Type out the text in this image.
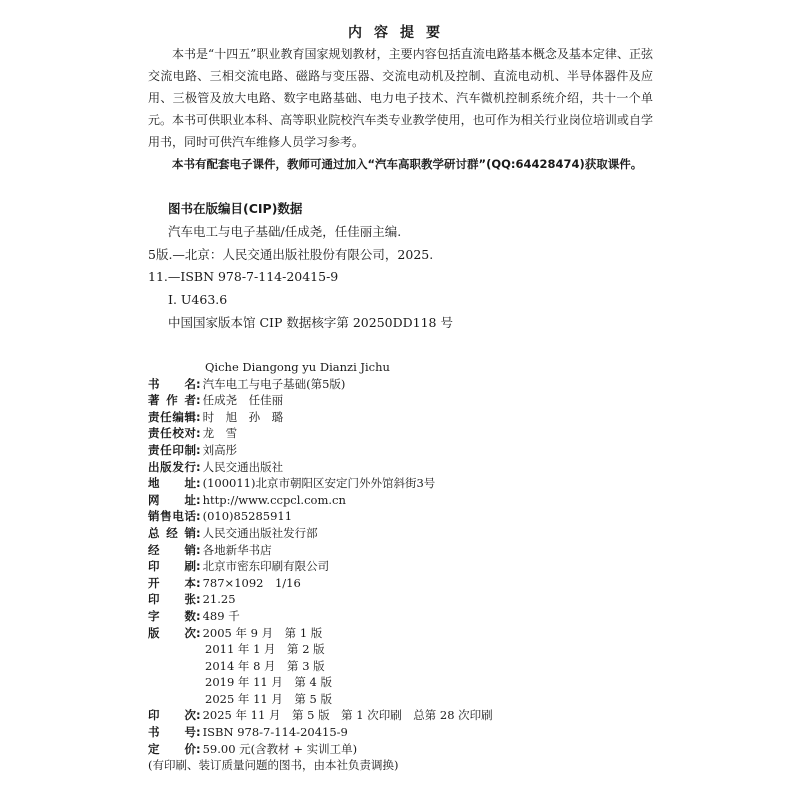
内容提要
本书是“十四五”职业教育国家规划教材，主要内容包括直流电路基本概念及基本定律、正弦交流电路、三相交流电路、磁路与变压器、交流电动机及控制、直流电动机、半导体器件及应用、三极管及放大电路、数字电路基础、电力电子技术、汽车微机控制系统介绍，共十一个单元。 本书可供职业本科、高等职业院校汽车类专业教学使用，也可作为相关行业岗位培训或自学用书，同时可供汽车维修人员学习参考。
本书有配套电子课件，教师可通过加入“汽车高职教学研讨群”(QQ:64428474)获取课件。
图书在版编目(CIP)数据
汽车电工与电子基础/任成尧，任佳丽主编.
5版.—北京：人民交通出版社股份有限公司，2025.
11.—ISBN 978-7-114-20415-9
Ⅰ. U463.6
中国国家版本馆 CIP 数据核字第 20250DD118 号
Qiche Diangong yu Dianzi Jichu
书名: 汽车电工与电子基础(第5版)
著作者: 任成尧　任佳丽
责任编辑: 时　旭　孙　璐
责任校对: 龙　雪
责任印制: 刘高彤
出版发行: 人民交通出版社
地址: (100011)北京市朝阳区安定门外外馆斜街3号
网址: http://www.ccpcl.com.cn
销售电话: (010)85285911
总经销: 人民交通出版社发行部
经销: 各地新华书店
印刷: 北京市密东印刷有限公司
开本: 787×1092　1/16
印张: 21.25
字数: 489 千
版次: 2005 年 9 月　第 1 版
2011 年 1 月　第 2 版
2014 年 8 月　第 3 版
2019 年 11 月　第 4 版
2025 年 11 月　第 5 版
印次: 2025 年 11 月　第 5 版　第 1 次印刷　总第 28 次印刷
书号: ISBN 978-7-114-20415-9
定价: 59.00 元(含教材 + 实训工单)
(有印刷、装订质量问题的图书，由本社负责调换)
